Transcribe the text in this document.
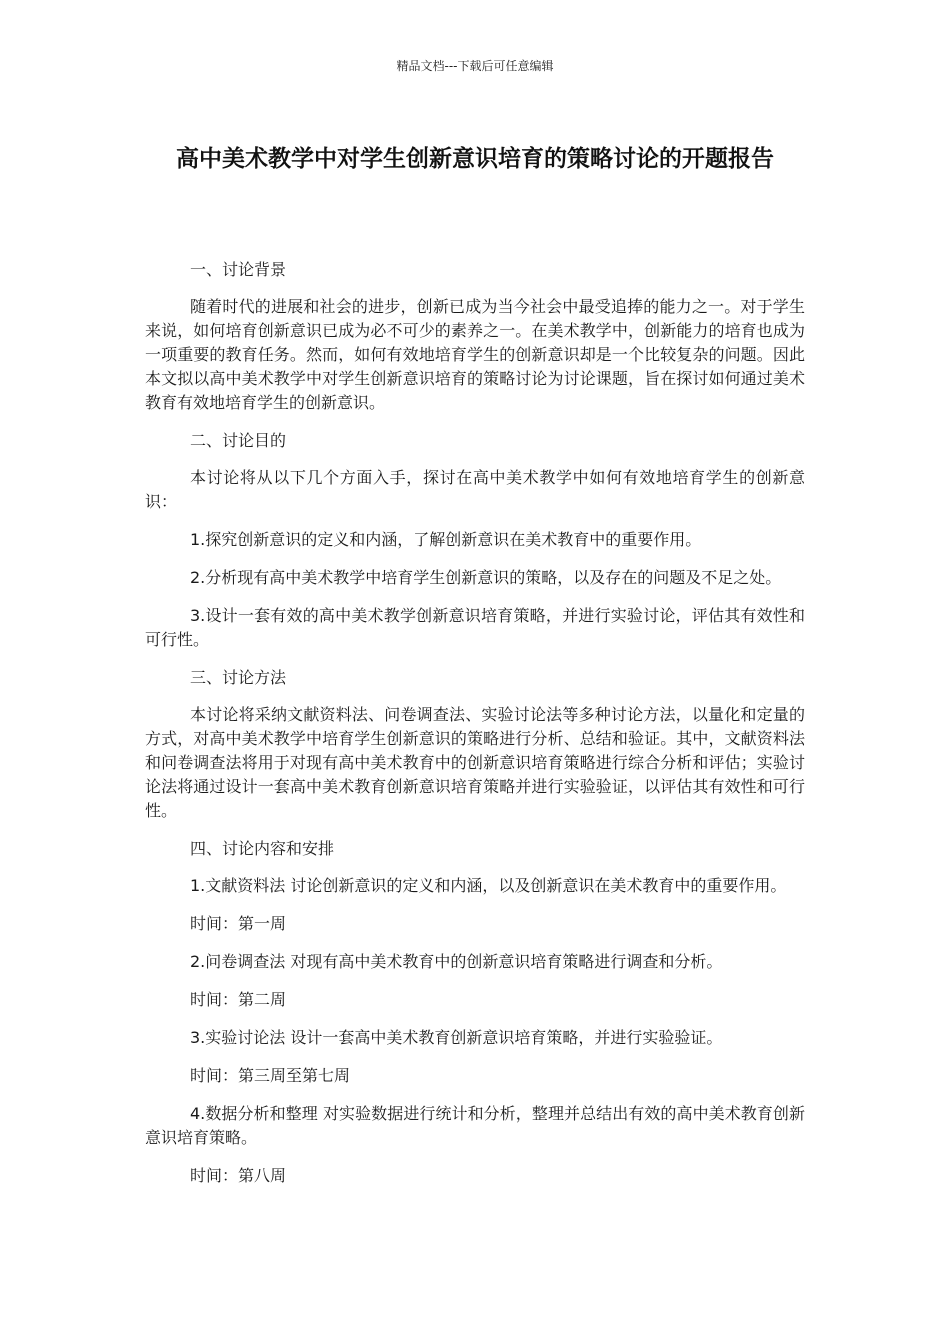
精品文档---下载后可任意编辑
高中美术教学中对学生创新意识培育的策略讨论的开题报告

一、讨论背景

随着时代的进展和社会的进步，创新已成为当今社会中最受追捧的能力之一。对于学生来说，如何培育创新意识已成为必不可少的素养之一。在美术教学中，创新能力的培育也成为一项重要的教育任务。然而，如何有效地培育学生的创新意识却是一个比较复杂的问题。因此本文拟以高中美术教学中对学生创新意识培育的策略讨论为讨论课题，旨在探讨如何通过美术教育有效地培育学生的创新意识。

二、讨论目的

本讨论将从以下几个方面入手，探讨在高中美术教学中如何有效地培育学生的创新意识：

1.探究创新意识的定义和内涵，了解创新意识在美术教育中的重要作用。

2.分析现有高中美术教学中培育学生创新意识的策略，以及存在的问题及不足之处。

3.设计一套有效的高中美术教学创新意识培育策略，并进行实验讨论，评估其有效性和可行性。

三、讨论方法

本讨论将采纳文献资料法、问卷调查法、实验讨论法等多种讨论方法，以量化和定量的方式，对高中美术教学中培育学生创新意识的策略进行分析、总结和验证。其中，文献资料法和问卷调查法将用于对现有高中美术教育中的创新意识培育策略进行综合分析和评估；实验讨论法将通过设计一套高中美术教育创新意识培育策略并进行实验验证，以评估其有效性和可行性。

四、讨论内容和安排

1.文献资料法 讨论创新意识的定义和内涵，以及创新意识在美术教育中的重要作用。

时间：第一周

2.问卷调查法 对现有高中美术教育中的创新意识培育策略进行调查和分析。

时间：第二周

3.实验讨论法 设计一套高中美术教育创新意识培育策略，并进行实验验证。

时间：第三周至第七周

4.数据分析和整理 对实验数据进行统计和分析，整理并总结出有效的高中美术教育创新意识培育策略。

时间：第八周
